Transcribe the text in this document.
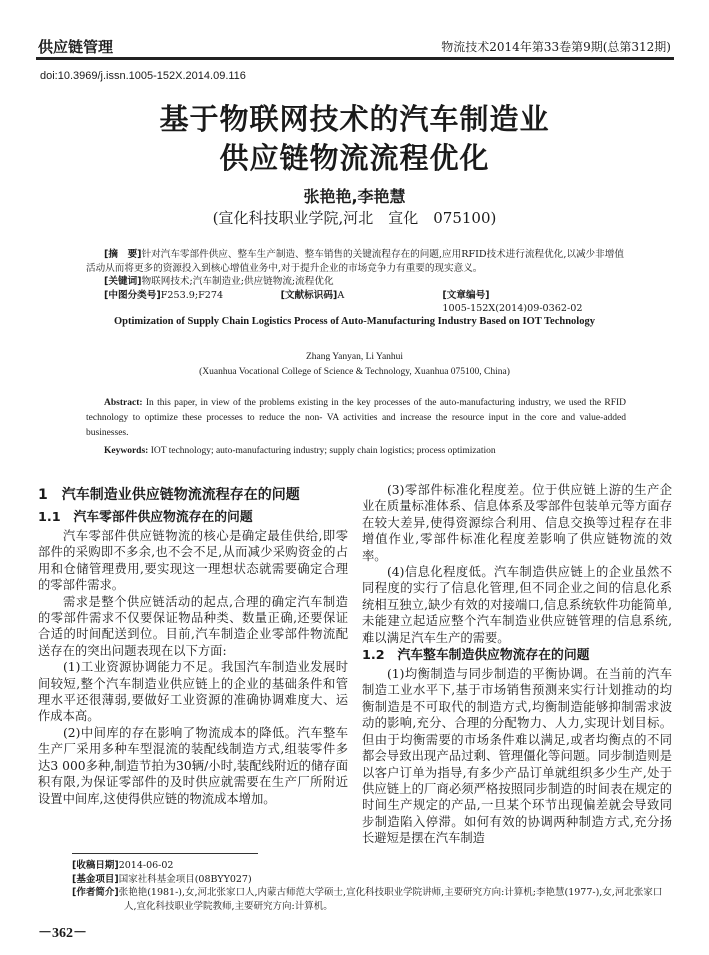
供应链管理	物流技术2014年第33卷第9期(总第312期)
doi:10.3969/j.issn.1005-152X.2014.09.116
基于物联网技术的汽车制造业
供应链物流流程优化
张艳艳,李艳慧
(宣化科技职业学院,河北　宣化　075100)
[摘　要]针对汽车零部件供应、整车生产制造、整车销售的关键流程存在的问题,应用RFID技术进行流程优化,以减少非增值活动从而将更多的资源投入到核心增值业务中,对于提升企业的市场竞争力有重要的现实意义。
[关键词]物联网技术;汽车制造业;供应链物流;流程优化
[中图分类号]F253.9;F274	[文献标识码]A	[文章编号]1005-152X(2014)09-0362-02
Optimization of Supply Chain Logistics Process of Auto-Manufacturing Industry Based on IOT Technology
Zhang Yanyan, Li Yanhui
(Xuanhua Vocational College of Science & Technology, Xuanhua 075100, China)

Abstract: In this paper, in view of the problems existing in the key processes of the auto-manufacturing industry, we used the RFID technology to optimize these processes to reduce the non- VA activities and increase the resource input in the core and value-added businesses.

Keywords: IOT technology; auto-manufacturing industry; supply chain logistics; process optimization

1　汽车制造业供应链物流流程存在的问题
1.1　汽车零部件供应物流存在的问题

汽车零部件供应链物流的核心是确定最佳供给,即零部件的采购即不多余,也不会不足,从而减少采购资金的占用和仓储管理费用,要实现这一理想状态就需要确定合理的零部件需求。

需求是整个供应链活动的起点,合理的确定汽车制造的零部件需求不仅要保证物品种类、数量正确,还要保证合适的时间配送到位。目前,汽车制造企业零部件物流配送存在的突出问题表现在以下方面:

(1)工业资源协调能力不足。我国汽车制造业发展时间较短,整个汽车制造业供应链上的企业的基础条件和管理水平还很薄弱,要做好工业资源的准确协调难度大、运作成本高。

(2)中间库的存在影响了物流成本的降低。汽车整车生产厂采用多种车型混流的装配线制造方式,组装零件多达3 000多种,制造节拍为30辆/小时,装配线附近的储存面积有限,为保证零部件的及时供应就需要在生产厂所附近设置中间库,这使得供应链的物流成本增加。

(3)零部件标准化程度差。位于供应链上游的生产企业在质量标准体系、信息体系及零部件包装单元等方面存在较大差异,使得资源综合利用、信息交换等过程存在非增值作业,零部件标准化程度差影响了供应链物流的效率。

(4)信息化程度低。汽车制造供应链上的企业虽然不同程度的实行了信息化管理,但不同企业之间的信息化系统相互独立,缺少有效的对接端口,信息系统软件功能简单,未能建立起适应整个汽车制造业供应链管理的信息系统,难以满足汽车生产的需要。

1.2　汽车整车制造供应物流存在的问题

(1)均衡制造与同步制造的平衡协调。在当前的汽车制造工业水平下,基于市场销售预测来实行计划推动的均衡制造是不可取代的制造方式,均衡制造能够抑制需求波动的影响,充分、合理的分配物力、人力,实现计划目标。但由于均衡需要的市场条件难以满足,或者均衡点的不同都会导致出现产品过剩、管理僵化等问题。同步制造则是以客户订单为指导,有多少产品订单就组织多少生产,处于供应链上的厂商必须严格按照同步制造的时间表在规定的时间生产规定的产品,一旦某个环节出现偏差就会导致同步制造陷入停滞。如何有效的协调两种制造方式,充分扬长避短是摆在汽车制造

[收稿日期]2014-06-02
[基金项目]国家社科基金项目(08BYY027)
[作者简介]张艳艳(1981-),女,河北张家口人,内蒙古师范大学硕士,宣化科技职业学院讲师,主要研究方向:计算机;李艳慧(1977-),女,河北张家口人,宣化科技职业学院教师,主要研究方向:计算机。
－362－
